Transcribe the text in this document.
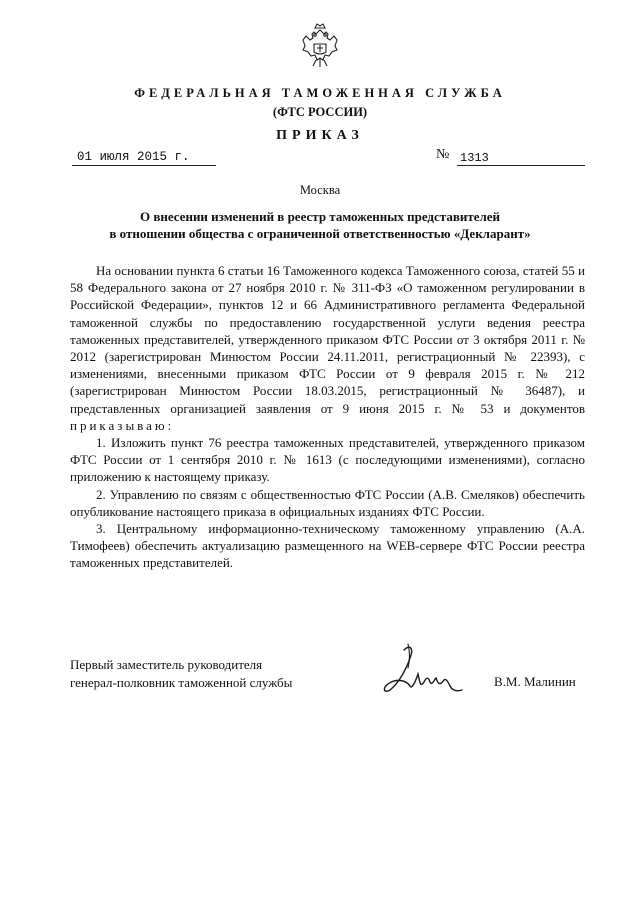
ФЕДЕРАЛЬНАЯ ТАМОЖЕННАЯ СЛУЖБА
(ФТС РОССИИ)
ПРИКАЗ
01 июля 2015 г.	№ 1313
Москва
О внесении изменений в реестр таможенных представителей
в отношении общества с ограниченной ответственностью «Декларант»

На основании пункта 6 статьи 16 Таможенного кодекса Таможенного союза, статей 55 и 58 Федерального закона от 27 ноября 2010 г. № 311-ФЗ «О таможенном регулировании в Российской Федерации», пунктов 12 и 66 Административного регламента Федеральной таможенной службы по предоставлению государственной услуги ведения реестра таможенных представителей, утвержденного приказом ФТС России от 3 октября 2011 г. № 2012 (зарегистрирован Минюстом России 24.11.2011, регистрационный № 22393), с изменениями, внесенными приказом ФТС России от 9 февраля 2015 г. № 212 (зарегистрирован Минюстом России 18.03.2015, регистрационный № 36487), и представленных организацией заявления от 9 июня 2015 г. № 53 и документов приказываю:

1. Изложить пункт 76 реестра таможенных представителей, утвержденного приказом ФТС России от 1 сентября 2010 г. № 1613 (с последующими изменениями), согласно приложению к настоящему приказу.

2. Управлению по связям с общественностью ФТС России (А.В. Смеляков) обеспечить опубликование настоящего приказа в официальных изданиях ФТС России.

3. Центральному информационно-техническому таможенному управлению (А.А. Тимофеев) обеспечить актуализацию размещенного на WEB-сервере ФТС России реестра таможенных представителей.

Первый заместитель руководителя
генерал-полковник таможенной службы	В.М. Малинин
